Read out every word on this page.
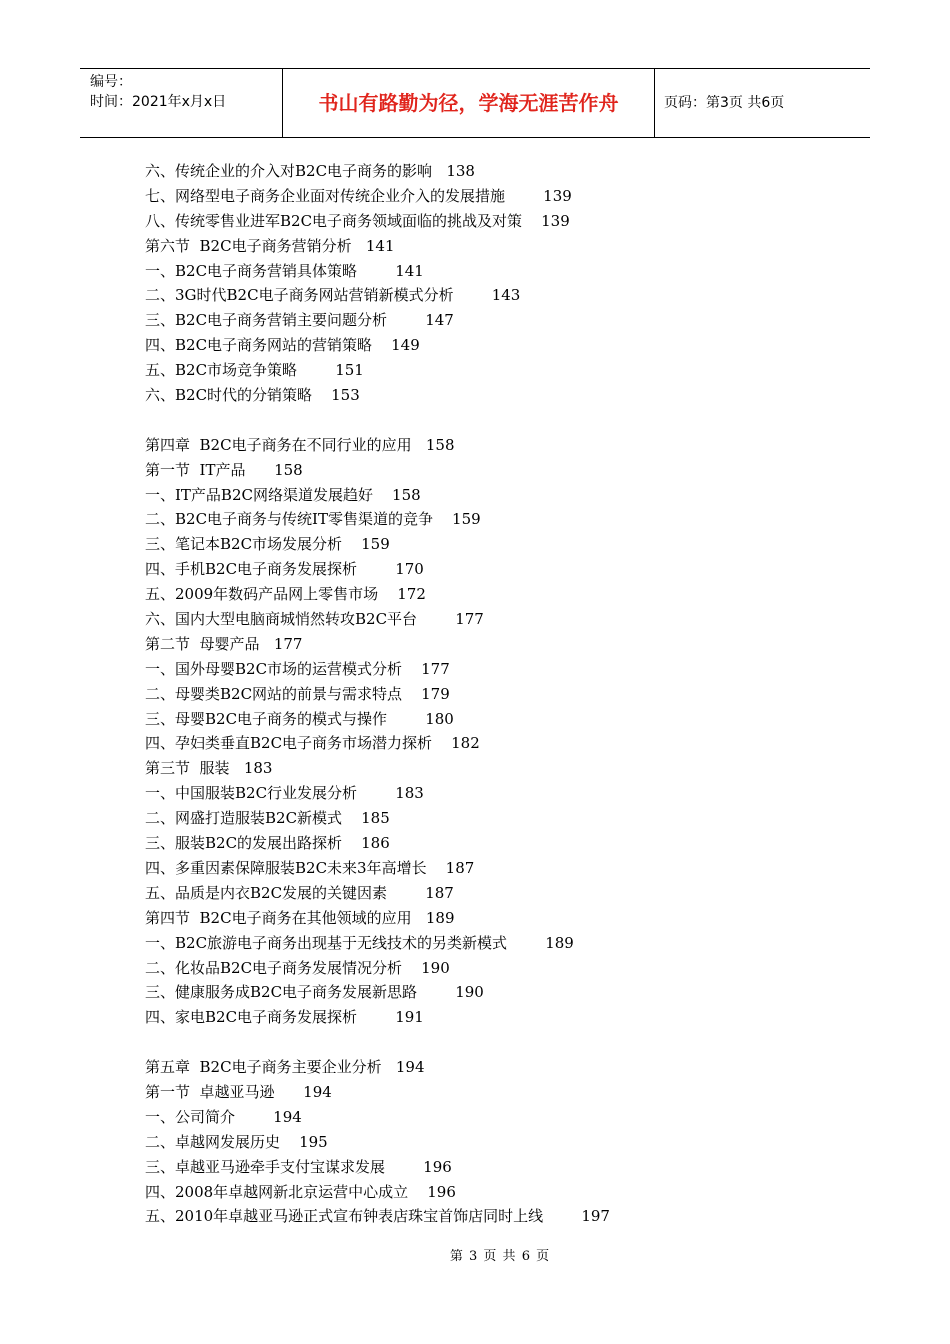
编号：
时间：2021年x月x日	书山有路勤为径，学海无涯苦作舟	页码：第3页 共6页
六、传统企业的介入对B2C电子商务的影响   138
七、网络型电子商务企业面对传统企业介入的发展措施        139
八、传统零售业进军B2C电子商务领域面临的挑战及对策    139
第六节  B2C电子商务营销分析   141
一、B2C电子商务营销具体策略        141
二、3G时代B2C电子商务网站营销新模式分析        143
三、B2C电子商务营销主要问题分析        147
四、B2C电子商务网站的营销策略    149
五、B2C市场竞争策略        151
六、B2C时代的分销策略    153
第四章  B2C电子商务在不同行业的应用   158
第一节  IT产品      158
一、IT产品B2C网络渠道发展趋好    158
二、B2C电子商务与传统IT零售渠道的竞争    159
三、笔记本B2C市场发展分析    159
四、手机B2C电子商务发展探析        170
五、2009年数码产品网上零售市场    172
六、国内大型电脑商城悄然转攻B2C平台        177
第二节  母婴产品   177
一、国外母婴B2C市场的运营模式分析    177
二、母婴类B2C网站的前景与需求特点    179
三、母婴B2C电子商务的模式与操作        180
四、孕妇类垂直B2C电子商务市场潜力探析    182
第三节  服装   183
一、中国服装B2C行业发展分析        183
二、网盛打造服装B2C新模式    185
三、服装B2C的发展出路探析    186
四、多重因素保障服装B2C未来3年高增长    187
五、品质是内衣B2C发展的关键因素        187
第四节  B2C电子商务在其他领域的应用   189
一、B2C旅游电子商务出现基于无线技术的另类新模式        189
二、化妆品B2C电子商务发展情况分析    190
三、健康服务成B2C电子商务发展新思路        190
四、家电B2C电子商务发展探析        191
第五章  B2C电子商务主要企业分析   194
第一节  卓越亚马逊      194
一、公司简介        194
二、卓越网发展历史    195
三、卓越亚马逊牵手支付宝谋求发展        196
四、2008年卓越网新北京运营中心成立    196
五、2010年卓越亚马逊正式宣布钟表店珠宝首饰店同时上线        197
第 3 页 共 6 页
